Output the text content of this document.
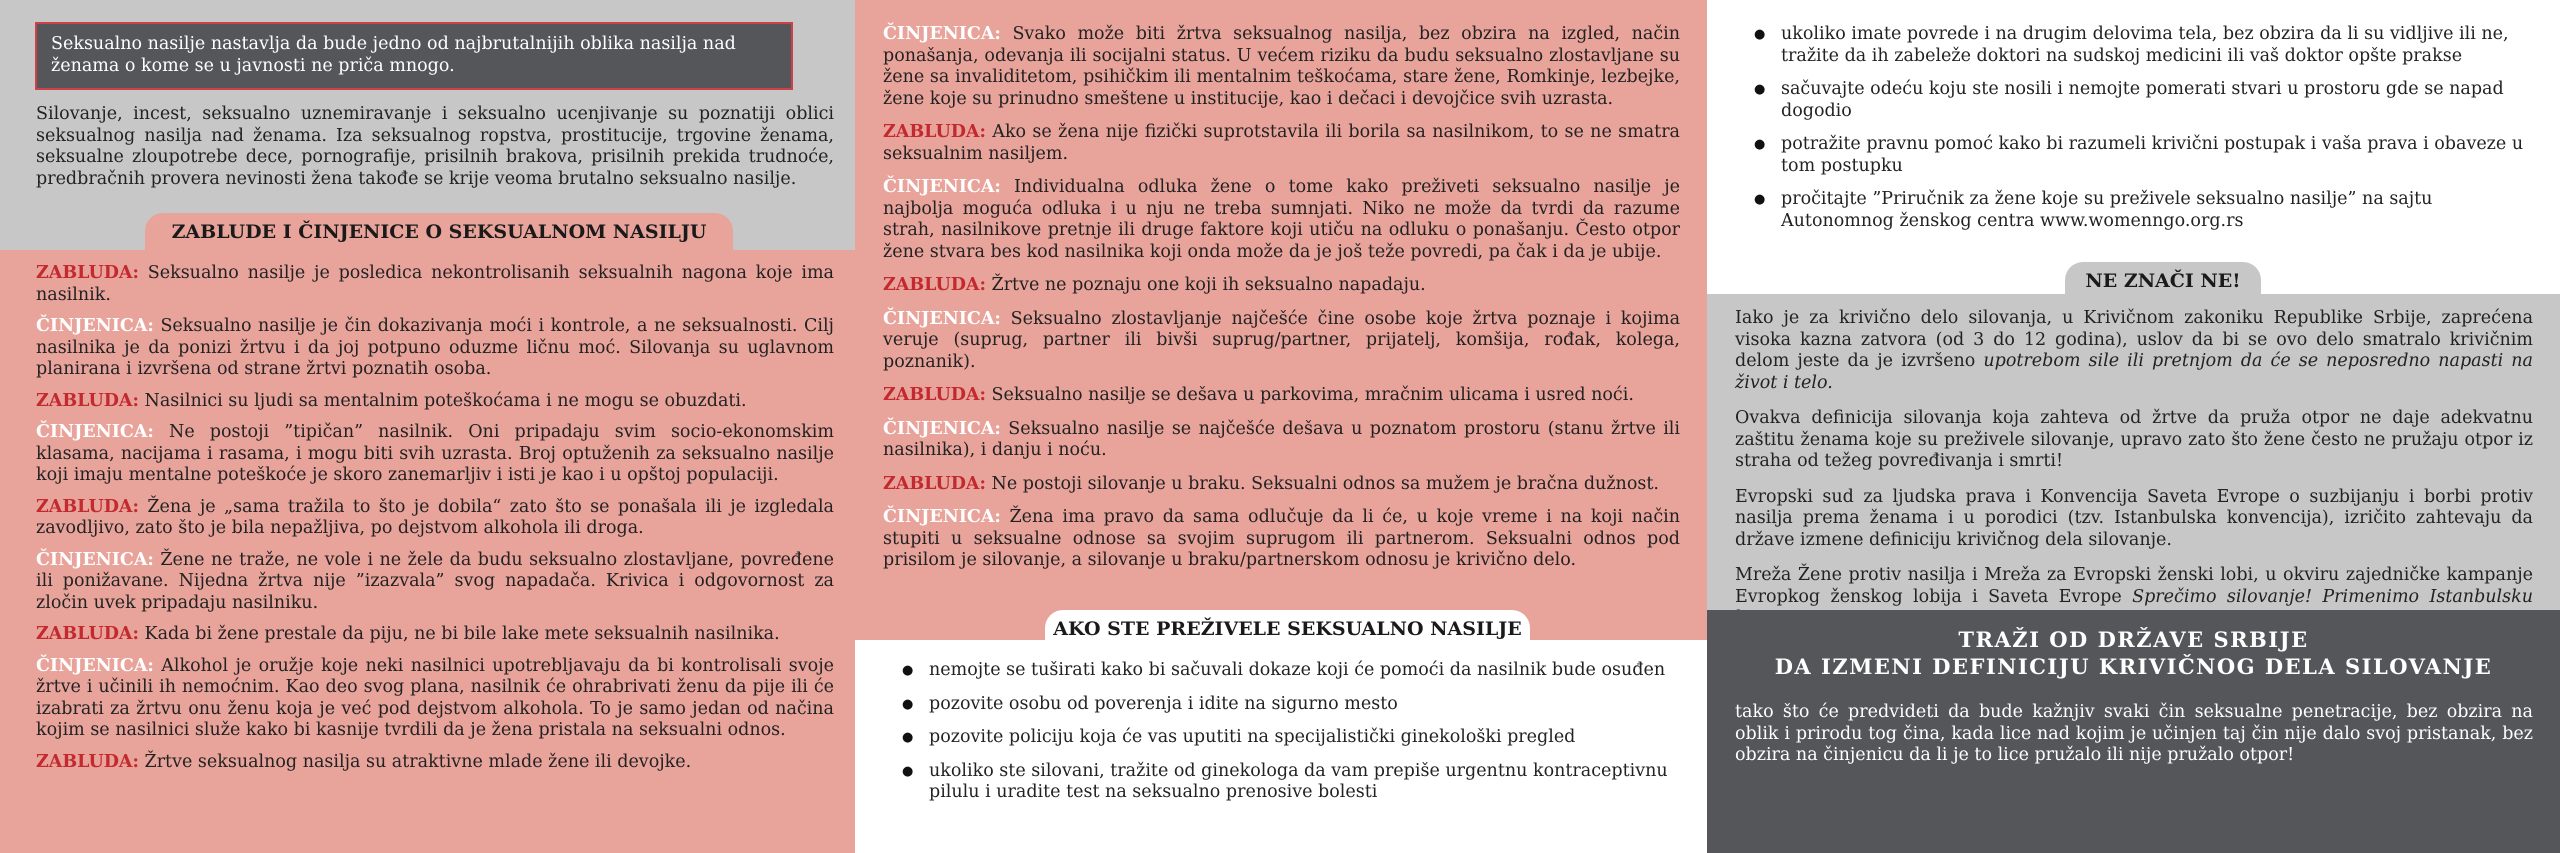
Seksualno nasilje nastavlja da bude jedno od najbrutalnijih oblika nasilja nad ženama o kome se u javnosti ne priča mnogo.

Silovanje, incest, seksualno uznemiravanje i seksualno ucenjivanje su poznatiji oblici seksualnog nasilja nad ženama. Iza seksualnog ropstva, prostitucije, trgovine ženama, seksualne zloupotrebe dece, pornografije, prisilnih brakova, prisilnih prekida trudnoće, predbračnih provera nevinosti žena takođe se krije veoma brutalno seksualno nasilje.

ZABLUDE I ČINJENICE O SEKSUALNOM NASILJU

ZABLUDA: Seksualno nasilje je posledica nekontrolisanih seksualnih nagona koje ima nasilnik.

ČINJENICA: Seksualno nasilje je čin dokazivanja moći i kontrole, a ne seksualnosti. Cilj nasilnika je da ponizi žrtvu i da joj potpuno oduzme ličnu moć. Silovanja su uglavnom planirana i izvršena od strane žrtvi poznatih osoba.

ZABLUDA: Nasilnici su ljudi sa mentalnim poteškoćama i ne mogu se obuzdati.

ČINJENICA: Ne postoji ”tipičan” nasilnik. Oni pripadaju svim socio-ekonomskim klasama, nacijama i rasama, i mogu biti svih uzrasta. Broj optuženih za seksualno nasilje koji imaju mentalne poteškoće je skoro zanemarljiv i isti je kao i u opštoj populaciji.

ZABLUDA: Žena je „sama tražila to što je dobila“ zato što se ponašala ili je izgledala zavodljivo, zato što je bila nepažljiva, po dejstvom alkohola ili droga.

ČINJENICA: Žene ne traže, ne vole i ne žele da budu seksualno zlostavljane, povređene ili ponižavane. Nijedna žrtva nije ”izazvala” svog napadača. Krivica i odgovornost za zločin uvek pripadaju nasilniku.

ZABLUDA: Kada bi žene prestale da piju, ne bi bile lake mete seksualnih nasilnika.

ČINJENICA: Alkohol je oružje koje neki nasilnici upotrebljavaju da bi kontrolisali svoje žrtve i učinili ih nemoćnim. Kao deo svog plana, nasilnik će ohrabrivati ženu da pije ili će izabrati za žrtvu onu ženu koja je već pod dejstvom alkohola. To je samo jedan od načina kojim se nasilnici služe kako bi kasnije tvrdili da je žena pristala na seksualni odnos.

ZABLUDA: Žrtve seksualnog nasilja su atraktivne mlade žene ili devojke.

ČINJENICA: Svako može biti žrtva seksualnog nasilja, bez obzira na izgled, način ponašanja, odevanja ili socijalni status. U većem riziku da budu seksualno zlostavljane su žene sa invaliditetom, psihičkim ili mentalnim teškoćama, stare žene, Romkinje, lezbejke, žene koje su prinudno smeštene u institucije, kao i dečaci i devojčice svih uzrasta.

ZABLUDA: Ako se žena nije fizički suprotstavila ili borila sa nasilnikom, to se ne smatra seksualnim nasiljem.

ČINJENICA: Individualna odluka žene o tome kako preživeti seksualno nasilje je najbolja moguća odluka i u nju ne treba sumnjati. Niko ne može da tvrdi da razume strah, nasilnikove pretnje ili druge faktore koji utiču na odluku o ponašanju. Često otpor žene stvara bes kod nasilnika koji onda može da je još teže povredi, pa čak i da je ubije.

ZABLUDA: Žrtve ne poznaju one koji ih seksualno napadaju.

ČINJENICA: Seksualno zlostavljanje najčešće čine osobe koje žrtva poznaje i kojima veruje (suprug, partner ili bivši suprug/partner, prijatelj, komšija, rođak, kolega, poznanik).

ZABLUDA: Seksualno nasilje se dešava u parkovima, mračnim ulicama i usred noći.

ČINJENICA: Seksualno nasilje se najčešće dešava u poznatom prostoru (stanu žrtve ili nasilnika), i danju i noću.

ZABLUDA: Ne postoji silovanje u braku. Seksualni odnos sa mužem je bračna dužnost.

ČINJENICA: Žena ima pravo da sama odlučuje da li će, u koje vreme i na koji način stupiti u seksualne odnose sa svojim suprugom ili partnerom. Seksualni odnos pod prisilom je silovanje, a silovanje u braku/partnerskom odnosu je krivično delo.

AKO STE PREŽIVELE SEKSUALNO NASILJE
● nemojte se tuširati kako bi sačuvali dokaze koji će pomoći da nasilnik bude osuđen
● pozovite osobu od poverenja i idite na sigurno mesto
● pozovite policiju koja će vas uputiti na specijalistički ginekološki pregled
● ukoliko ste silovani, tražite od ginekologa da vam prepiše urgentnu kontraceptivnu pilulu i uradite test na seksualno prenosive bolesti
● ukoliko imate povrede i na drugim delovima tela, bez obzira da li su vidljive ili ne, tražite da ih zabeleže doktori na sudskoj medicini ili vaš doktor opšte prakse
● sačuvajte odeću koju ste nosili i nemojte pomerati stvari u prostoru gde se napad dogodio
● potražite pravnu pomoć kako bi razumeli krivični postupak i vaša prava i obaveze u tom postupku
● pročitajte ”Priručnik za žene koje su preživele seksualno nasilje” na sajtu Autonomnog ženskog centra www.womenngo.org.rs
NE ZNAČI NE!

Iako je za krivično delo silovanja, u Krivičnom zakoniku Republike Srbije, zaprećena visoka kazna zatvora (od 3 do 12 godina), uslov da bi se ovo delo smatralo krivičnim delom jeste da je izvršeno upotrebom sile ili pretnjom da će se neposredno napasti na život i telo.

Ovakva definicija silovanja koja zahteva od žrtve da pruža otpor ne daje adekvatnu zaštitu ženama koje su preživele silovanje, upravo zato što žene često ne pružaju otpor iz straha od težeg povređivanja i smrti!

Evropski sud za ljudska prava i Konvencija Saveta Evrope o suzbijanju i borbi protiv nasilja prema ženama i u porodici (tzv. Istanbulska konvencija), izričito zahtevaju da države izmene definiciju krivičnog dela silovanje.

Mreža Žene protiv nasilja i Mreža za Evropski ženski lobi, u okviru zajedničke kampanje Evropkog ženskog lobija i Saveta Evrope Sprečimo silovanje! Primenimo Istanbulsku

TRAŽI OD DRŽAVE SRBIJE
DA IZMENI DEFINICIJU KRIVIČNOG DELA SILOVANJE

tako što će predvideti da bude kažnjiv svaki čin seksualne penetracije, bez obzira na oblik i prirodu tog čina, kada lice nad kojim je učinjen taj čin nije dalo svoj pristanak, bez obzira na činjenicu da li je to lice pružalo ili nije pružalo otpor!
